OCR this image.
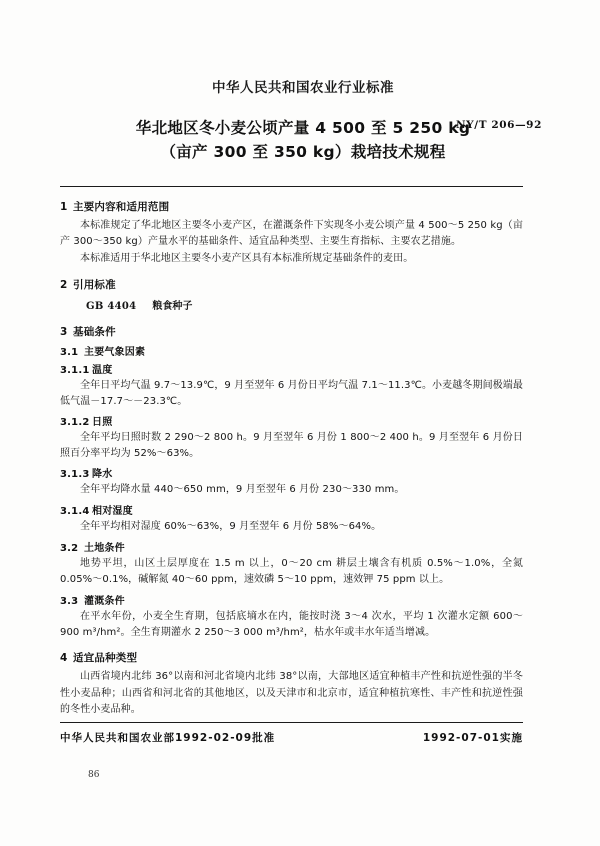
中华人民共和国农业行业标准
华北地区冬小麦公顷产量 4 500 至 5 250 kg
（亩产 300 至 350 kg）栽培技术规程
NY/T 206—92
1 主要内容和适用范围

本标准规定了华北地区主要冬小麦产区，在灌溉条件下实现冬小麦公顷产量 4 500～5 250 kg（亩产 300～350 kg）产量水平的基础条件、适宜品种类型、主要生育指标、主要农艺措施。

本标准适用于华北地区主要冬小麦产区具有本标准所规定基础条件的麦田。

2 引用标准

GB 4404 粮食种子

3 基础条件
3.1 主要气象因素
3.1.1 温度

全年日平均气温 9.7～13.9℃，9 月至翌年 6 月份日平均气温 7.1～11.3℃。小麦越冬期间极端最低气温－17.7～－23.3℃。

3.1.2 日照

全年平均日照时数 2 290～2 800 h。9 月至翌年 6 月份 1 800～2 400 h。9 月至翌年 6 月份日照百分率平均为 52%～63%。

3.1.3 降水

全年平均降水量 440～650 mm，9 月至翌年 6 月份 230～330 mm。

3.1.4 相对湿度

全年平均相对湿度 60%～63%，9 月至翌年 6 月份 58%～64%。

3.2 土地条件

地势平坦，山区土层厚度在 1.5 m 以上，0～20 cm 耕层土壤含有机质 0.5%～1.0%，全氮 0.05%～0.1%，碱解氮 40～60 ppm，速效磷 5～10 ppm，速效钾 75 ppm 以上。

3.3 灌溉条件

在平水年份，小麦全生育期，包括底墒水在内，能按时浇 3～4 次水，平均 1 次灌水定额 600～900 m³/hm²。全生育期灌水 2 250～3 000 m³/hm²，枯水年或丰水年适当增减。

4 适宜品种类型

山西省境内北纬 36°以南和河北省境内北纬 38°以南，大部地区适宜种植丰产性和抗逆性强的半冬性小麦品种；山西省和河北省的其他地区，以及天津市和北京市，适宜种植抗寒性、丰产性和抗逆性强的冬性小麦品种。

中华人民共和国农业部1992-02-09批准	1992-07-01实施
86
